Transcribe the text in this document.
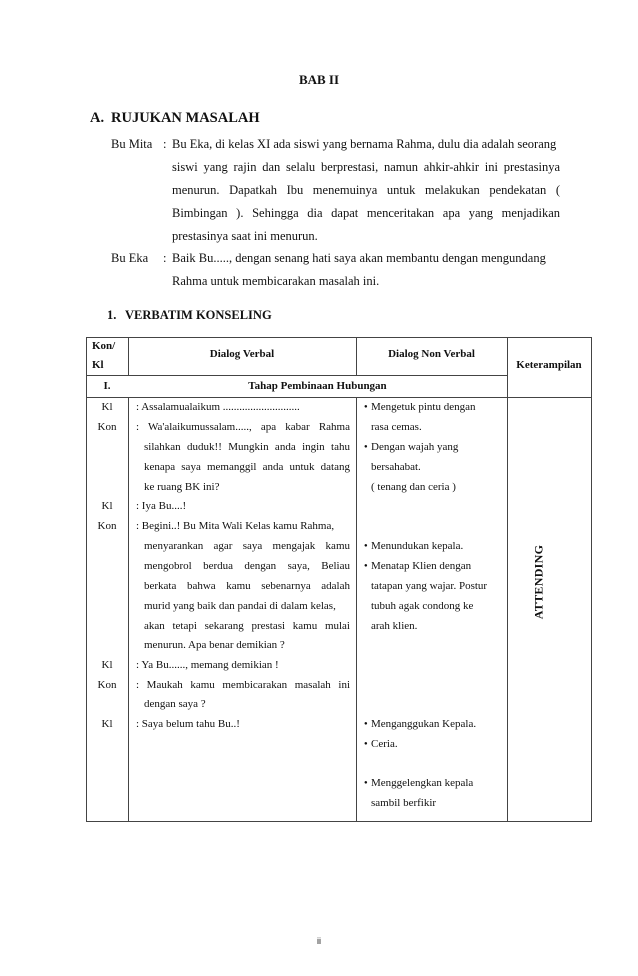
BAB II
A. RUJUKAN MASALAH
Bu Mita : Bu Eka, di kelas XI ada siswi yang bernama Rahma, dulu dia adalah seorang
siswi yang rajin dan selalu berprestasi, namun ahkir-ahkir ini prestasinya
menurun. Dapatkah Ibu menemuinya untuk melakukan pendekatan (
Bimbingan ). Sehingga dia dapat menceritakan apa yang menjadikan
prestasinya saat ini menurun.
Bu Eka : Baik Bu....., dengan senang hati saya akan membantu dengan mengundang
Rahma untuk membicarakan masalah ini.
1. VERBATIM KONSELING
Kon/
Kl
Dialog Verbal	Dialog Non Verbal
Keterampilan
I.	Tahap Pembinaan Hubungan
Kl
Kon
Kl
Kon
Kl
Kon
Kl
: Assalamualaikum ............................
: Wa'alaikumussalam....., apa kabar Rahma
silahkan duduk!! Mungkin anda ingin tahu
kenapa saya memanggil anda untuk datang
ke ruang BK ini?
: Iya Bu....!
: Begini..! Bu Mita Wali Kelas kamu Rahma,
menyarankan agar saya mengajak kamu
mengobrol berdua dengan saya, Beliau
berkata bahwa kamu sebenarnya adalah
murid yang baik dan pandai di dalam kelas,
akan tetapi sekarang prestasi kamu mulai
menurun. Apa benar demikian ?
: Ya Bu......, memang demikian !
: Maukah kamu membicarakan masalah ini
dengan saya ?
: Saya belum tahu Bu..!
● Mengetuk pintu dengan
rasa cemas.
● Dengan wajah yang
bersahabat.
( tenang dan ceria )
● Menundukan kepala.
● Menatap Klien dengan
tatapan yang wajar. Postur
tubuh agak condong ke
arah klien.
● Menganggukan Kepala.
● Ceria.
● Menggelengkan kepala
sambil berfikir
ATTENDING
ii
